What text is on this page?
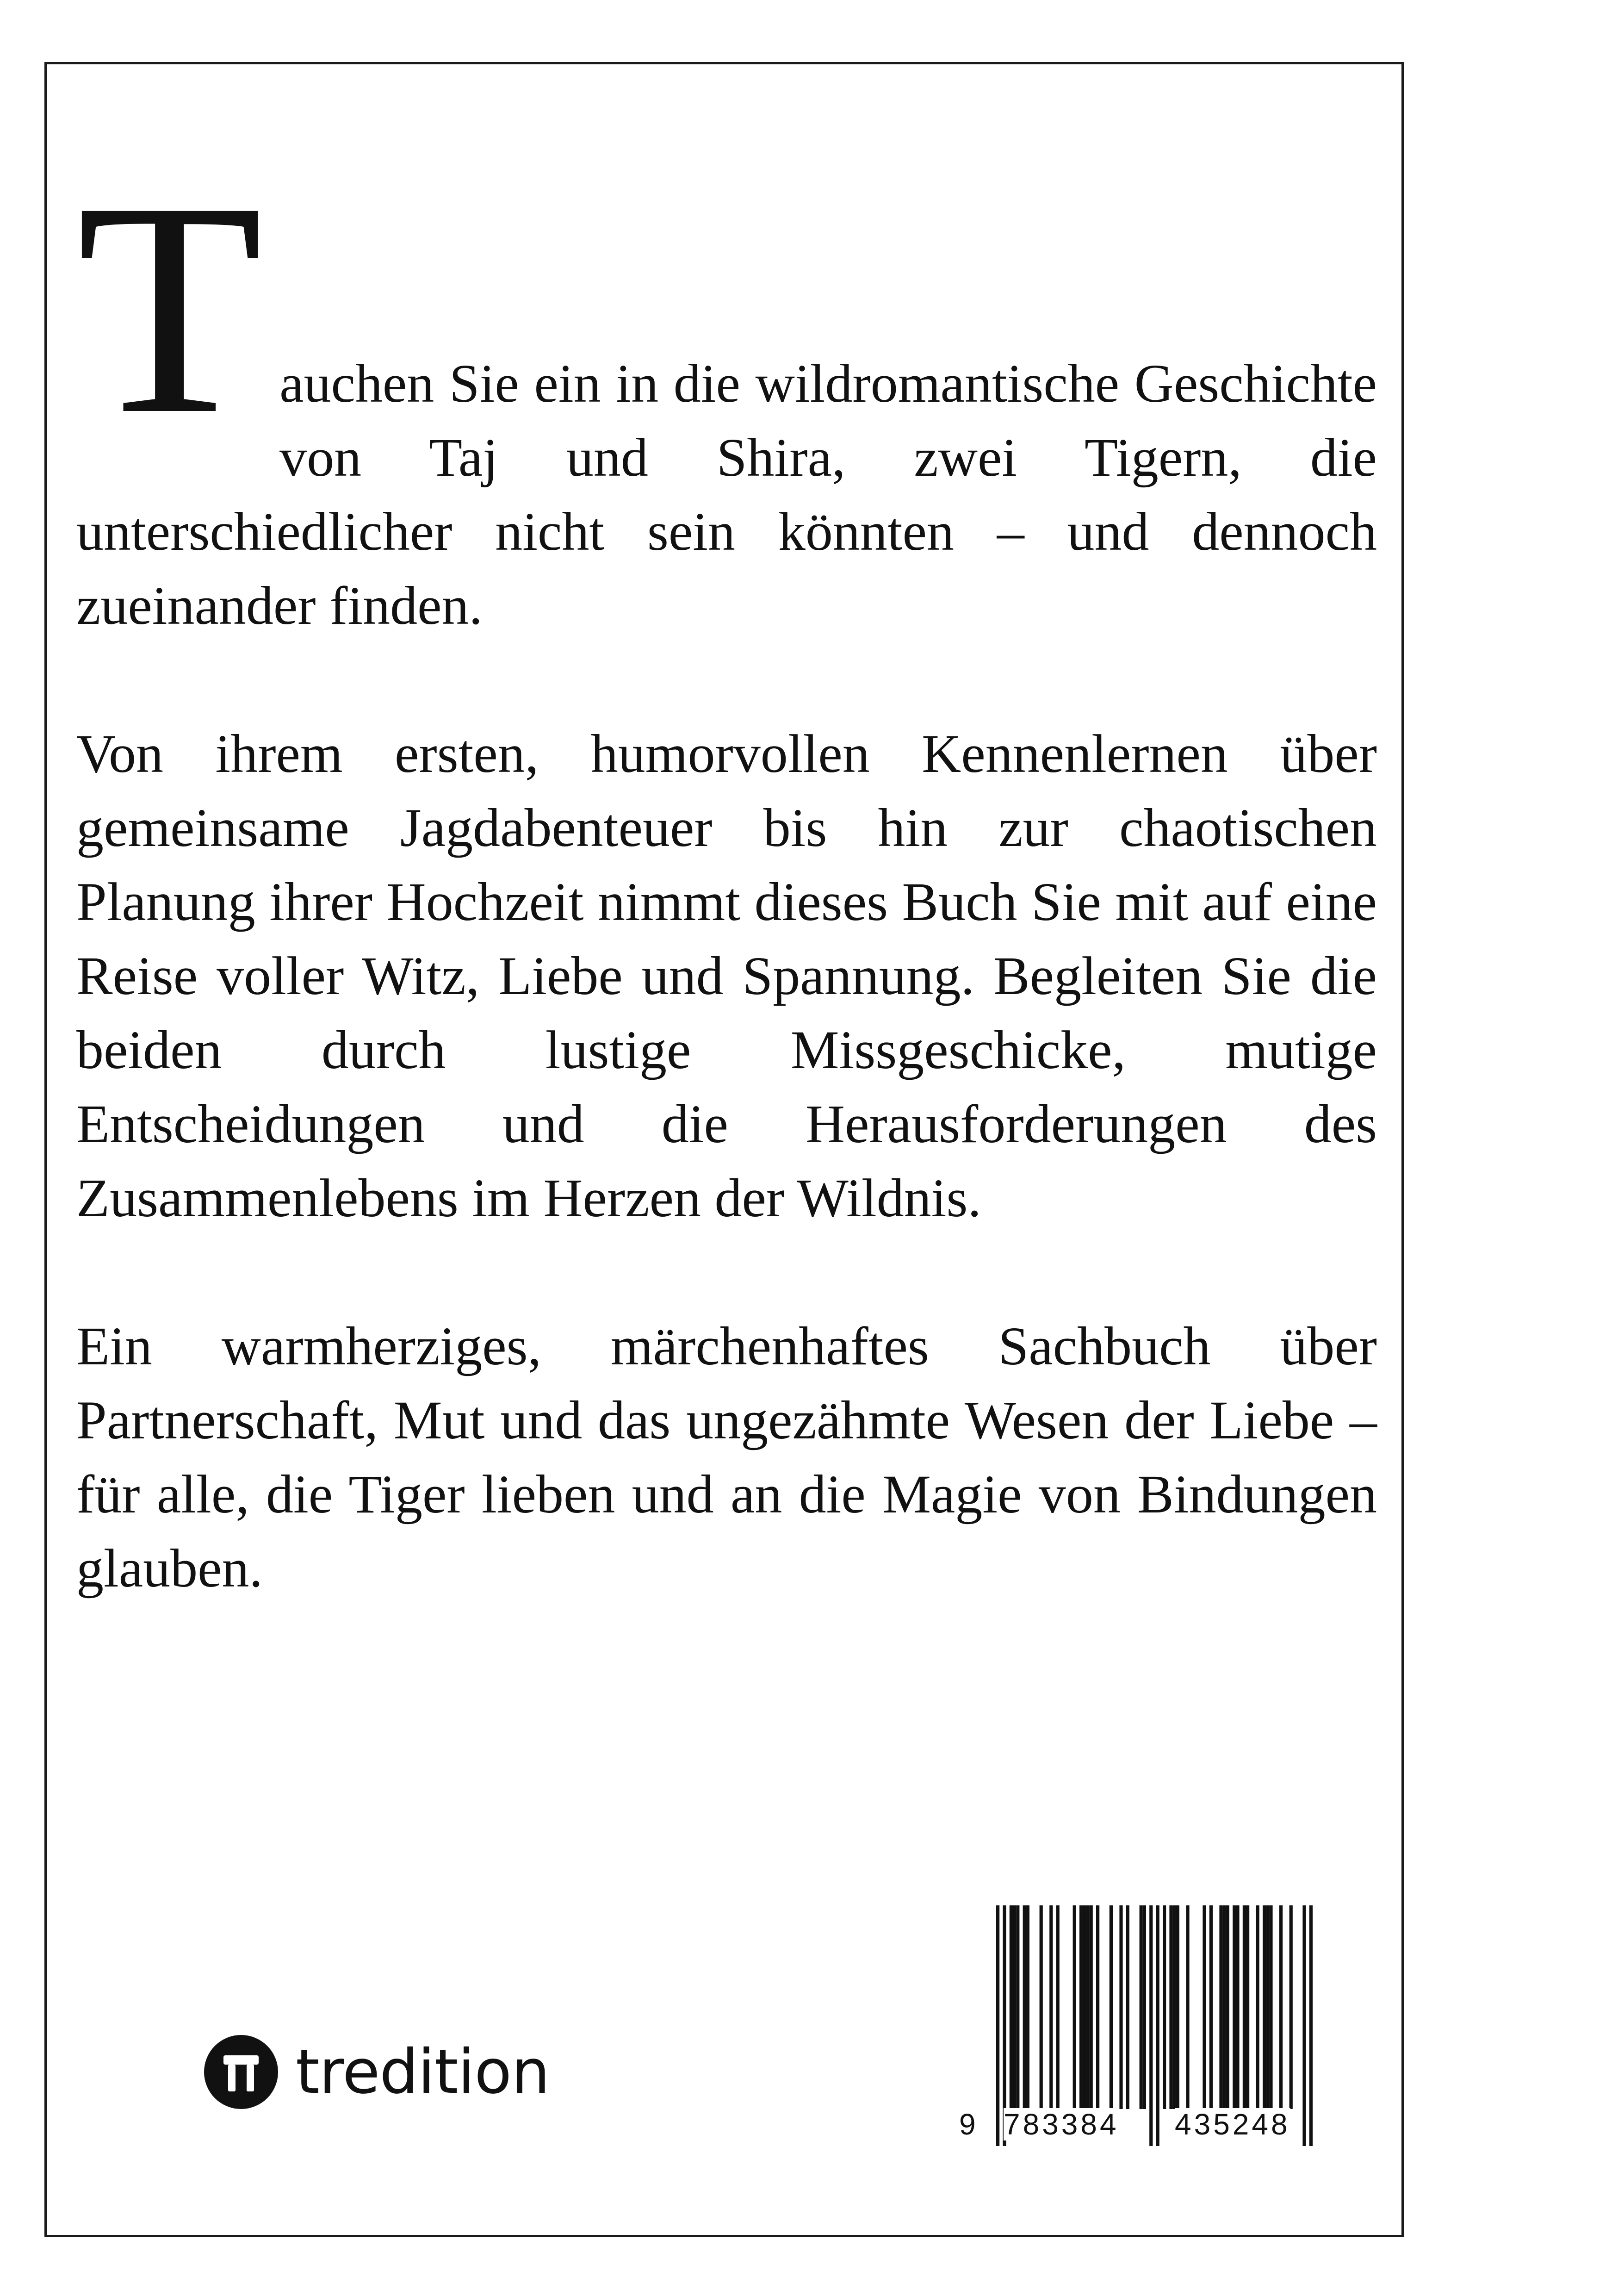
T auchen Sie ein in die wildromantische Geschichte von Taj und Shira, zwei Tigern, die unterschiedlicher nicht sein könnten – und dennoch zueinander finden.

Von ihrem ersten, humorvollen Kennenlernen über gemeinsame Jagdabenteuer bis hin zur chaotischen Planung ihrer Hochzeit nimmt dieses Buch Sie mit auf eine Reise voller Witz, Liebe und Spannung. Begleiten Sie die beiden durch lustige Missgeschicke, mutige Entscheidungen und die Herausforderungen des Zusammenlebens im Herzen der Wildnis.

Ein warmherziges, märchenhaftes Sachbuch über Partnerschaft, Mut und das ungezähmte Wesen der Liebe – für alle, die Tiger lieben und an die Magie von Bindungen glauben.

tredition
9 783384 435248
